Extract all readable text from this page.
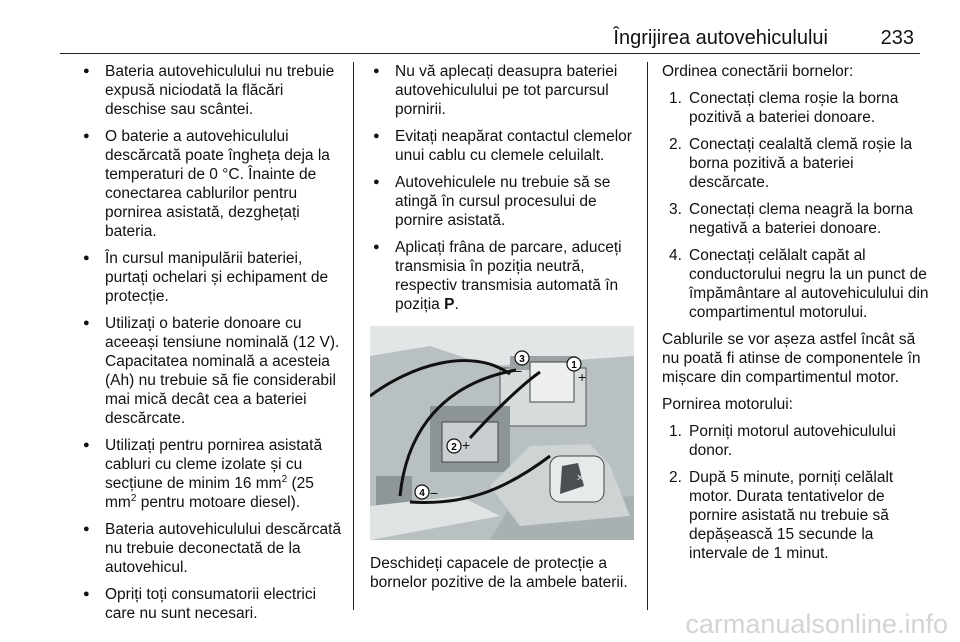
Îngrijirea autovehiculului	233
● Bateria autovehiculului nu trebuie expusă niciodată la flăcări deschise sau scântei.
● O baterie a autovehiculului descărcată poate îngheța deja la temperaturi de 0 °C. Înainte de conectarea cablurilor pentru pornirea asistată, dezghețați bateria.
● În cursul manipulării bateriei, purtați ochelari și echipament de protecție.
● Utilizați o baterie donoare cu aceeași tensiune nominală (12 V). Capacitatea nominală a acesteia (Ah) nu trebuie să fie considerabil mai mică decât cea a bateriei descărcate.
● Utilizați pentru pornirea asistată cabluri cu cleme izolate și cu secțiune de minim 16 $mm^2$ (25 $mm^2$ pentru motoare diesel).
● Bateria autovehiculului descărcată nu trebuie deconectată de la autovehicul.
● Opriți toți consumatorii electrici care nu sunt necesari.
● Nu vă aplecați deasupra bateriei autovehiculului pe tot parcursul pornirii.
● Evitați neapărat contactul clemelor unui cablu cu clemele celuilalt.
● Autovehiculele nu trebuie să se atingă în cursul procesului de pornire asistată.
● Aplicați frâna de parcare, aduceți transmisia în poziția neutră, respectiv transmisia automată în poziția P.
✕
3
1
2
4
−	+
+
−

Deschideți capacele de protecție a bornelor pozitive de la ambele baterii.

Ordinea conectării bornelor:

1. Conectați clema roșie la borna pozitivă a bateriei donoare.
2. Conectați cealaltă clemă roșie la borna pozitivă a bateriei descărcate.
3. Conectați clema neagră la borna negativă a bateriei donoare.
4. Conectați celălalt capăt al conductorului negru la un punct de împământare al autovehiculului din compartimentul motorului.

Cablurile se vor așeza astfel încât să nu poată fi atinse de componentele în mișcare din compartimentul motor.

Pornirea motorului:

1. Porniți motorul autovehiculului donor.
2. După 5 minute, porniți celălalt motor. Durata tentativelor de pornire asistată nu trebuie să depășească 15 secunde la intervale de 1 minut.
carmanualsonline.info
